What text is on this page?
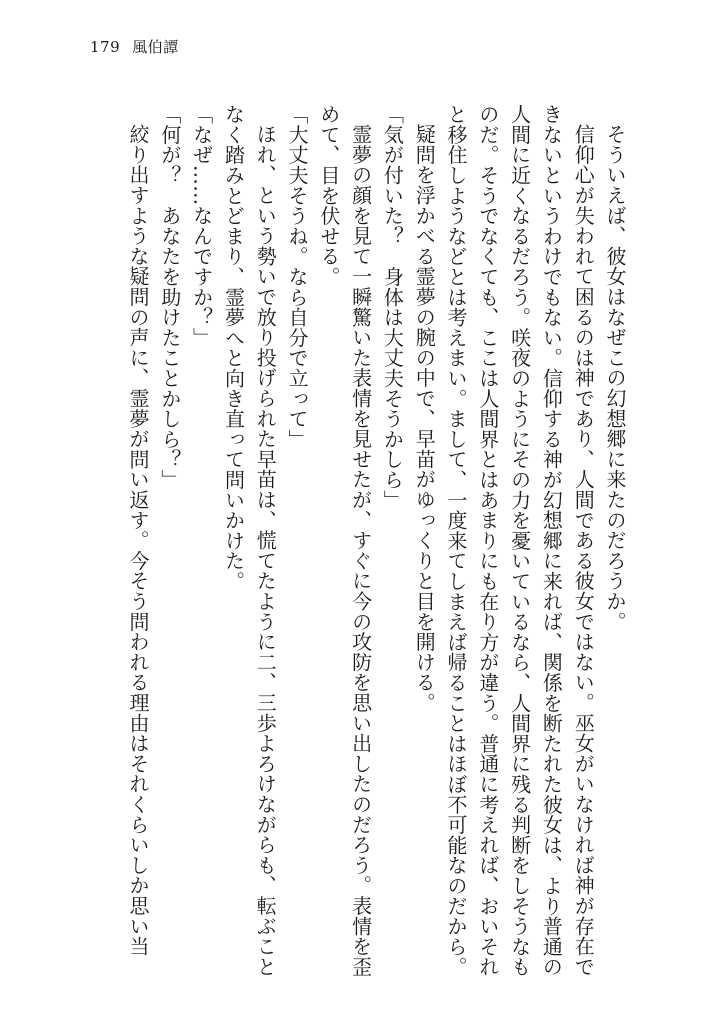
179 風伯譚

そういえば、彼女はなぜこの幻想郷に来たのだろうか。

信仰心が失われて困るのは神であり、人間である彼女ではない。巫女がいなければ神が存在できないというわけでもない。信仰する神が幻想郷に来れば、関係を断たれた彼女は、より普通の人間に近くなるだろう。咲夜のようにその力を憂いているなら、人間界に残る判断をしそうなものだ。そうでなくても、ここは人間界とはあまりにも在り方が違う。普通に考えれば、おいそれと移住しようなどとは考えまい。まして、一度来てしまえば帰ることはほぼ不可能なのだから。

疑問を浮かべる霊夢の腕の中で、早苗がゆっくりと目を開ける。

「気が付いた？　身体は大丈夫そうかしら」

霊夢の顔を見て一瞬驚いた表情を見せたが、すぐに今の攻防を思い出したのだろう。表情を歪めて、目を伏せる。

「大丈夫そうね。なら自分で立って」

ほれ、という勢いで放り投げられた早苗は、慌てたように二、三歩よろけながらも、転ぶことなく踏みとどまり、霊夢へと向き直って問いかけた。

「なぜ……なんですか？」

「何が？　あなたを助けたことかしら？」

絞り出すような疑問の声に、霊夢が問い返す。今そう問われる理由はそれくらいしか思い当
